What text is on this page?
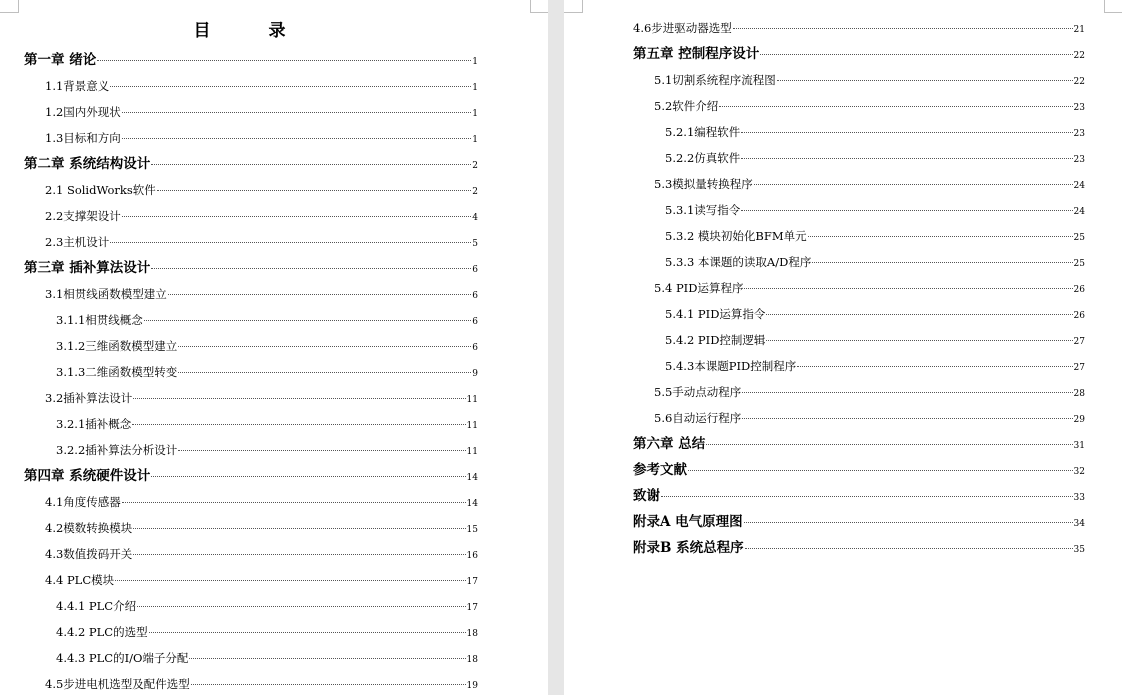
目 录
第一章 绪论	1
1.1背景意义	1
1.2国内外现状	1
1.3目标和方向	1
第二章 系统结构设计	2
2.1 SolidWorks软件	2
2.2支撑架设计	4
2.3主机设计	5
第三章 插补算法设计	6
3.1相贯线函数模型建立	6
3.1.1相贯线概念	6
3.1.2三维函数模型建立	6
3.1.3二维函数模型转变	9
3.2插补算法设计	11
3.2.1插补概念	11
3.2.2插补算法分析设计	11
第四章 系统硬件设计	14
4.1角度传感器	14
4.2模数转换模块	15
4.3数值拨码开关	16
4.4 PLC模块	17
4.4.1 PLC介绍	17
4.4.2 PLC的选型	18
4.4.3 PLC的I/O端子分配	18
4.5步进电机选型及配件选型	19
4.6步进驱动器选型	21
第五章 控制程序设计	22
5.1切割系统程序流程图	22
5.2软件介绍	23
5.2.1编程软件	23
5.2.2仿真软件	23
5.3模拟量转换程序	24
5.3.1读写指令	24
5.3.2 模块初始化BFM单元	25
5.3.3 本课题的读取A/D程序	25
5.4 PID运算程序	26
5.4.1 PID运算指令	26
5.4.2 PID控制逻辑	27
5.4.3本课题PID控制程序	27
5.5手动点动程序	28
5.6自动运行程序	29
第六章 总结	31
参考文献	32
致谢	33
附录A 电气原理图	34
附录B 系统总程序	35
